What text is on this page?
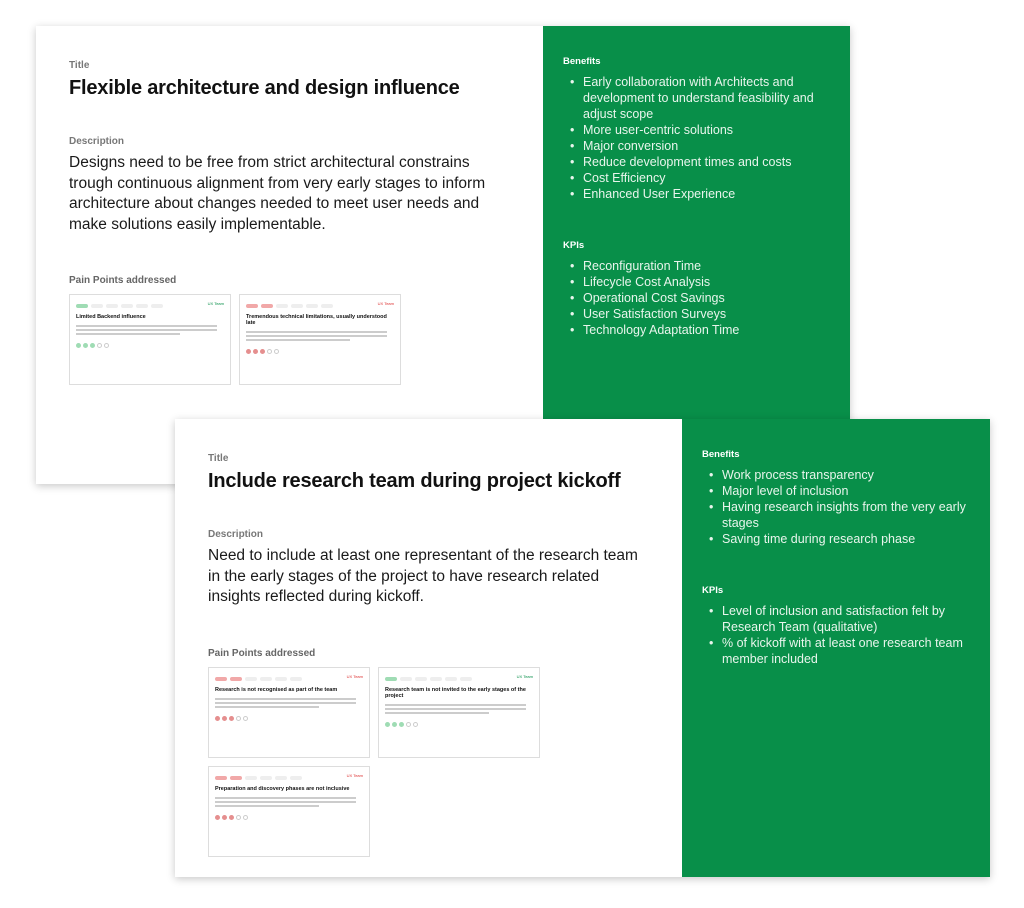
Title
Flexible architecture and design influence
Description
Designs need to be free from strict architectural constrains trough continuous alignment from very early stages to inform architecture about changes needed to meet user needs and make solutions easily implementable.
Pain Points addressed
UX Team
Limited Backend influence
UX Team
Tremendous technical limitations, usually understood late
Benefits
• Early collaboration with Architects and development to understand feasibility and adjust scope
• More user-centric solutions
• Major conversion
• Reduce development times and costs
• Cost Efficiency
• Enhanced User Experience
KPIs
• Reconfiguration Time
• Lifecycle Cost Analysis
• Operational Cost Savings
• User Satisfaction Surveys
• Technology Adaptation Time
Title
Include research team during project kickoff
Description
Need to include at least one representant of the research team in the early stages of the project to have research related insights reflected during kickoff.
Pain Points addressed
UX Team
Research is not recognised as part of the team
UX Team
Research team is not invited to the early stages of the project
UX Team
Preparation and discovery phases are not inclusive
Benefits
• Work process transparency
• Major level of inclusion
• Having research insights from the very early stages
• Saving time during research phase
KPIs
• Level of inclusion and satisfaction felt by Research Team (qualitative)
• % of kickoff with at least one research team member included
